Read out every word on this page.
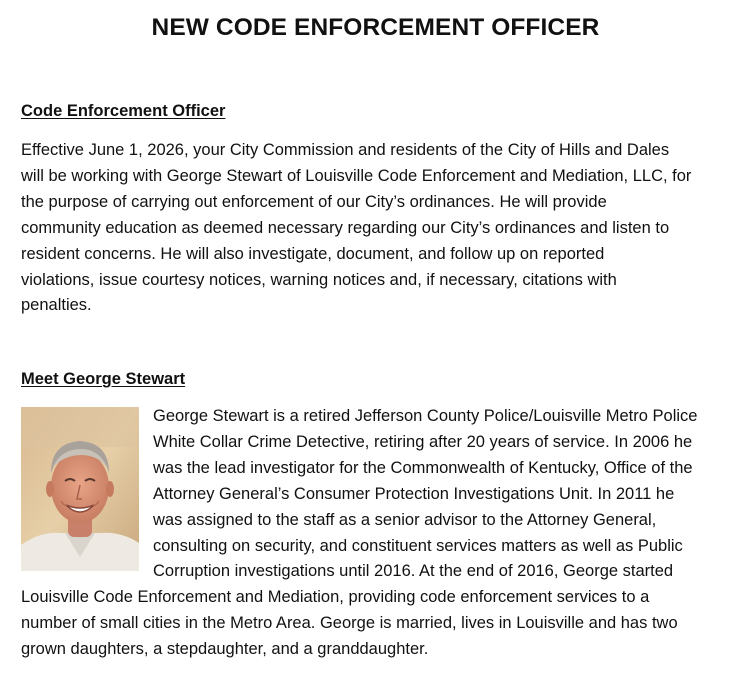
NEW CODE ENFORCEMENT OFFICER
Code Enforcement Officer

Effective June 1, 2026, your City Commission and residents of the City of Hills and Dales
will be working with George Stewart of Louisville Code Enforcement and Mediation, LLC, for
the purpose of carrying out enforcement of our City’s ordinances. He will provide
community education as deemed necessary regarding our City’s ordinances and listen to
resident concerns. He will also investigate, document, and follow up on reported
violations, issue courtesy notices, warning notices and, if necessary, citations with
penalties.

Meet George Stewart

George Stewart is a retired Jefferson County Police/Louisville Metro Police
White Collar Crime Detective, retiring after 20 years of service. In 2006 he
was the lead investigator for the Commonwealth of Kentucky, Office of the
Attorney General’s Consumer Protection Investigations Unit. In 2011 he
was assigned to the staff as a senior advisor to the Attorney General,
consulting on security, and constituent services matters as well as Public
Corruption investigations until 2016. At the end of 2016, George started

Louisville Code Enforcement and Mediation, providing code enforcement services to a
number of small cities in the Metro Area. George is married, lives in Louisville and has two
grown daughters, a stepdaughter, and a granddaughter.
